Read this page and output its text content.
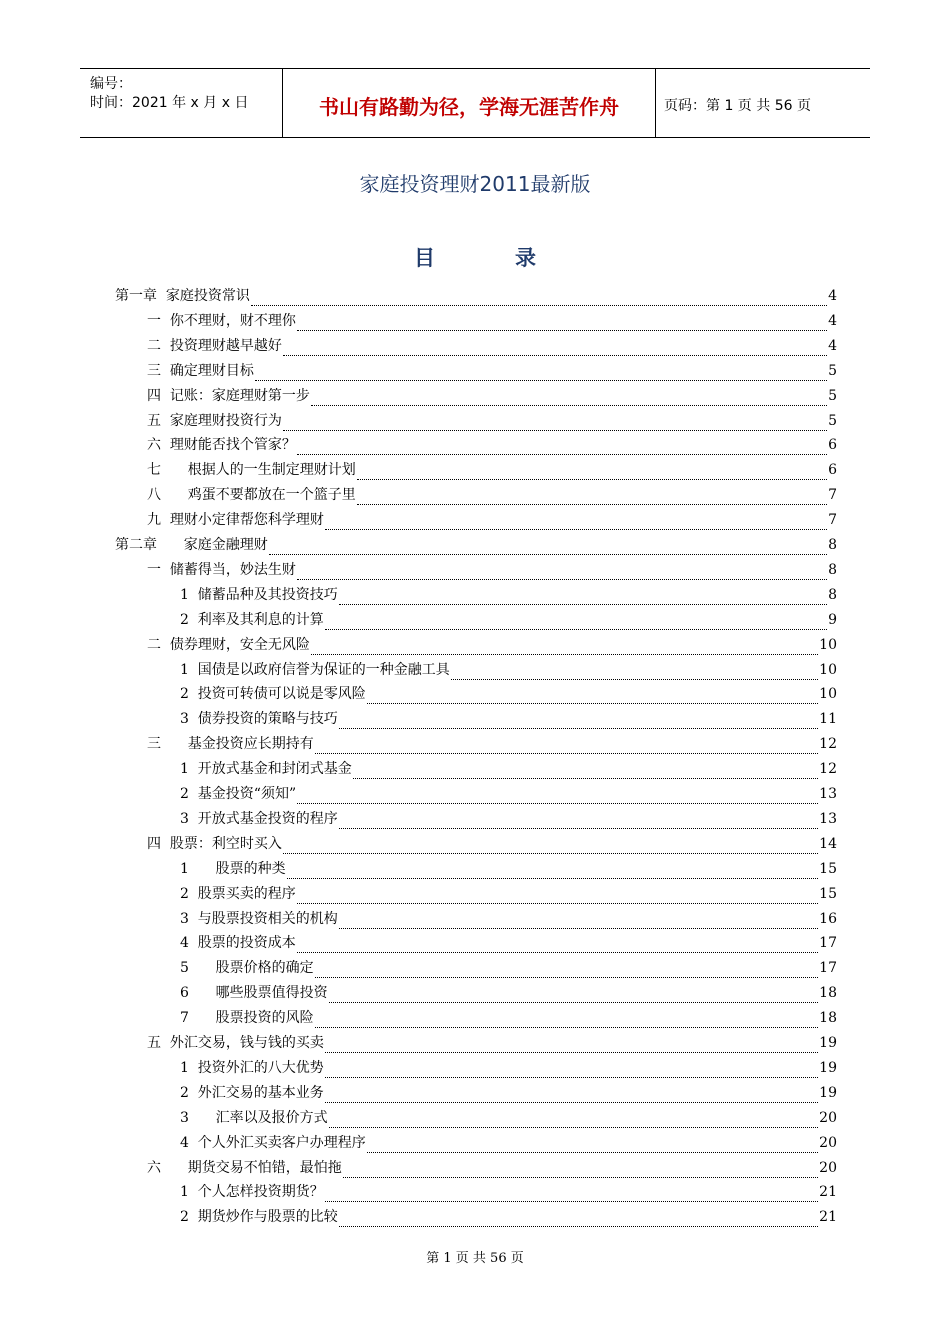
编号：
时间：2021 年 x 月 x 日	书山有路勤为径，学海无涯苦作舟	页码：第 1 页 共 56 页
家庭投资理财2011最新版
目录
第一章  家庭投资常识	4
一  你不理财，财不理你	4
二  投资理财越早越好	4
三  确定理财目标	5
四  记账：家庭理财第一步	5
五  家庭理财投资行为	5
六  理财能否找个管家？	6
七      根据人的一生制定理财计划	6
八      鸡蛋不要都放在一个篮子里	7
九  理财小定律帮您科学理财	7
第二章      家庭金融理财	8
一  储蓄得当，妙法生财	8
1  储蓄品种及其投资技巧	8
2  利率及其利息的计算	9
二  债券理财，安全无风险	10
1  国债是以政府信誉为保证的一种金融工具	10
2  投资可转债可以说是零风险	10
3  债券投资的策略与技巧	11
三      基金投资应长期持有	12
1  开放式基金和封闭式基金	12
2  基金投资“须知”	13
3  开放式基金投资的程序	13
四  股票：利空时买入	14
1      股票的种类	15
2  股票买卖的程序	15
3  与股票投资相关的机构	16
4  股票的投资成本	17
5      股票价格的确定	17
6      哪些股票值得投资	18
7      股票投资的风险	18
五  外汇交易，钱与钱的买卖	19
1  投资外汇的八大优势	19
2  外汇交易的基本业务	19
3      汇率以及报价方式	20
4  个人外汇买卖客户办理程序	20
六      期货交易不怕错，最怕拖	20
1  个人怎样投资期货？	21
2  期货炒作与股票的比较	21
第 1 页 共 56 页
